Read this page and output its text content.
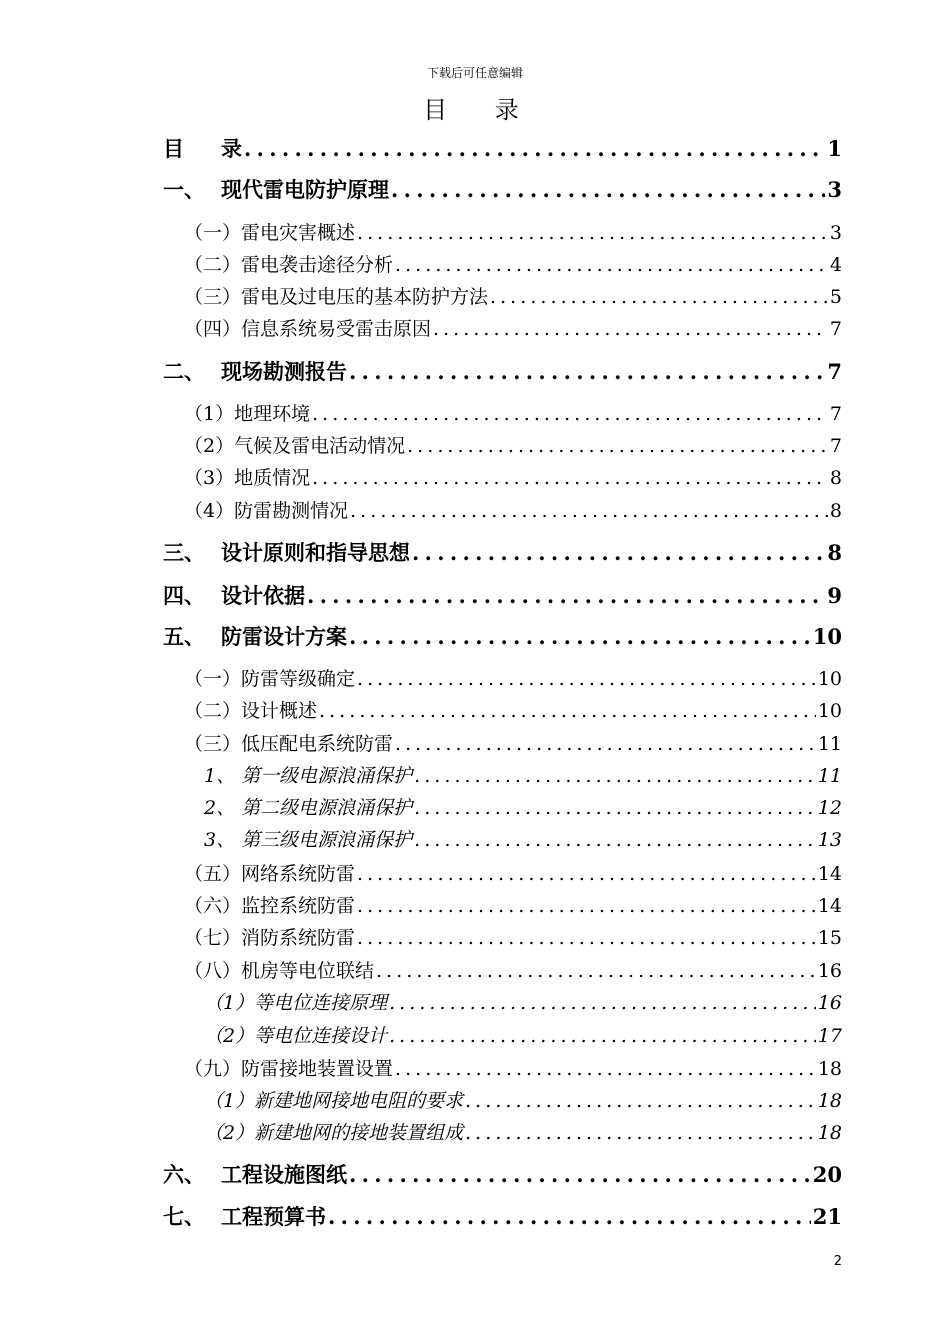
下载后可任意编辑
目 录
目 录 . . .	1
一、 现代雷电防护原理 . . .	3
（一）雷电灾害概述 . . .	3
（二）雷电袭击途径分析 . . .	4
（三）雷电及过电压的基本防护方法 . . .	5
（四）信息系统易受雷击原因 . . .	7
二、 现场勘测报告 . . .	7
（1）地理环境 . . .	7
（2）气候及雷电活动情况 . . .	7
（3）地质情况 . . .	8
（4）防雷勘测情况 . . .	8
三、 设计原则和指导思想 . . .	8
四、 设计依据 . . .	9
五、 防雷设计方案 . . .	10
（一）防雷等级确定 . . .	10
（二）设计概述 . . .	10
（三）低压配电系统防雷 . . .	11
1、 第一级电源浪涌保护 . . .	11
2、 第二级电源浪涌保护 . . .	12
3、 第三级电源浪涌保护 . . .	13
（五）网络系统防雷 . . .	14
（六）监控系统防雷 . . .	14
（七）消防系统防雷 . . .	15
（八）机房等电位联结 . . .	16
（1）等电位连接原理 . . .	16
（2）等电位连接设计 . . .	17
（九）防雷接地装置设置 . . .	18
（1）新建地网接地电阻的要求 . . .	18
（2）新建地网的接地装置组成 . . .	18
六、 工程设施图纸 . . .	20
七、 工程预算书 . . .	21
2
